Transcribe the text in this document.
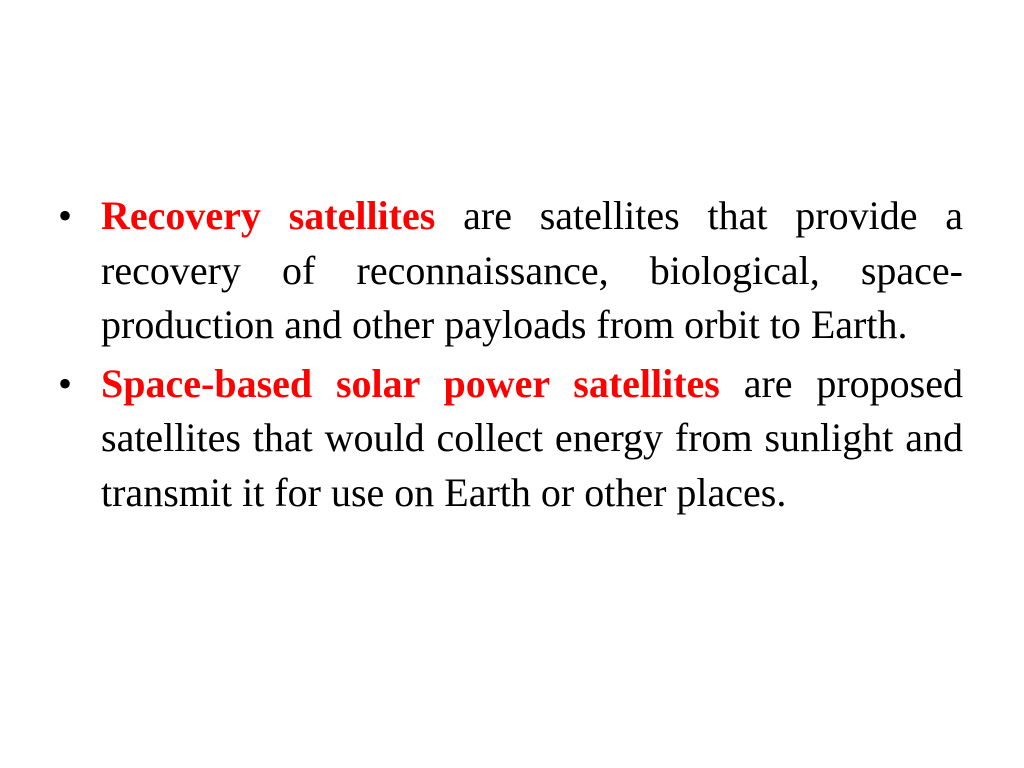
• Recovery satellites are satellites that provide a recovery of reconnaissance, biological, space-production and other payloads from orbit to Earth.
• Space-based solar power satellites are proposed satellites that would collect energy from sunlight and transmit it for use on Earth or other places.
